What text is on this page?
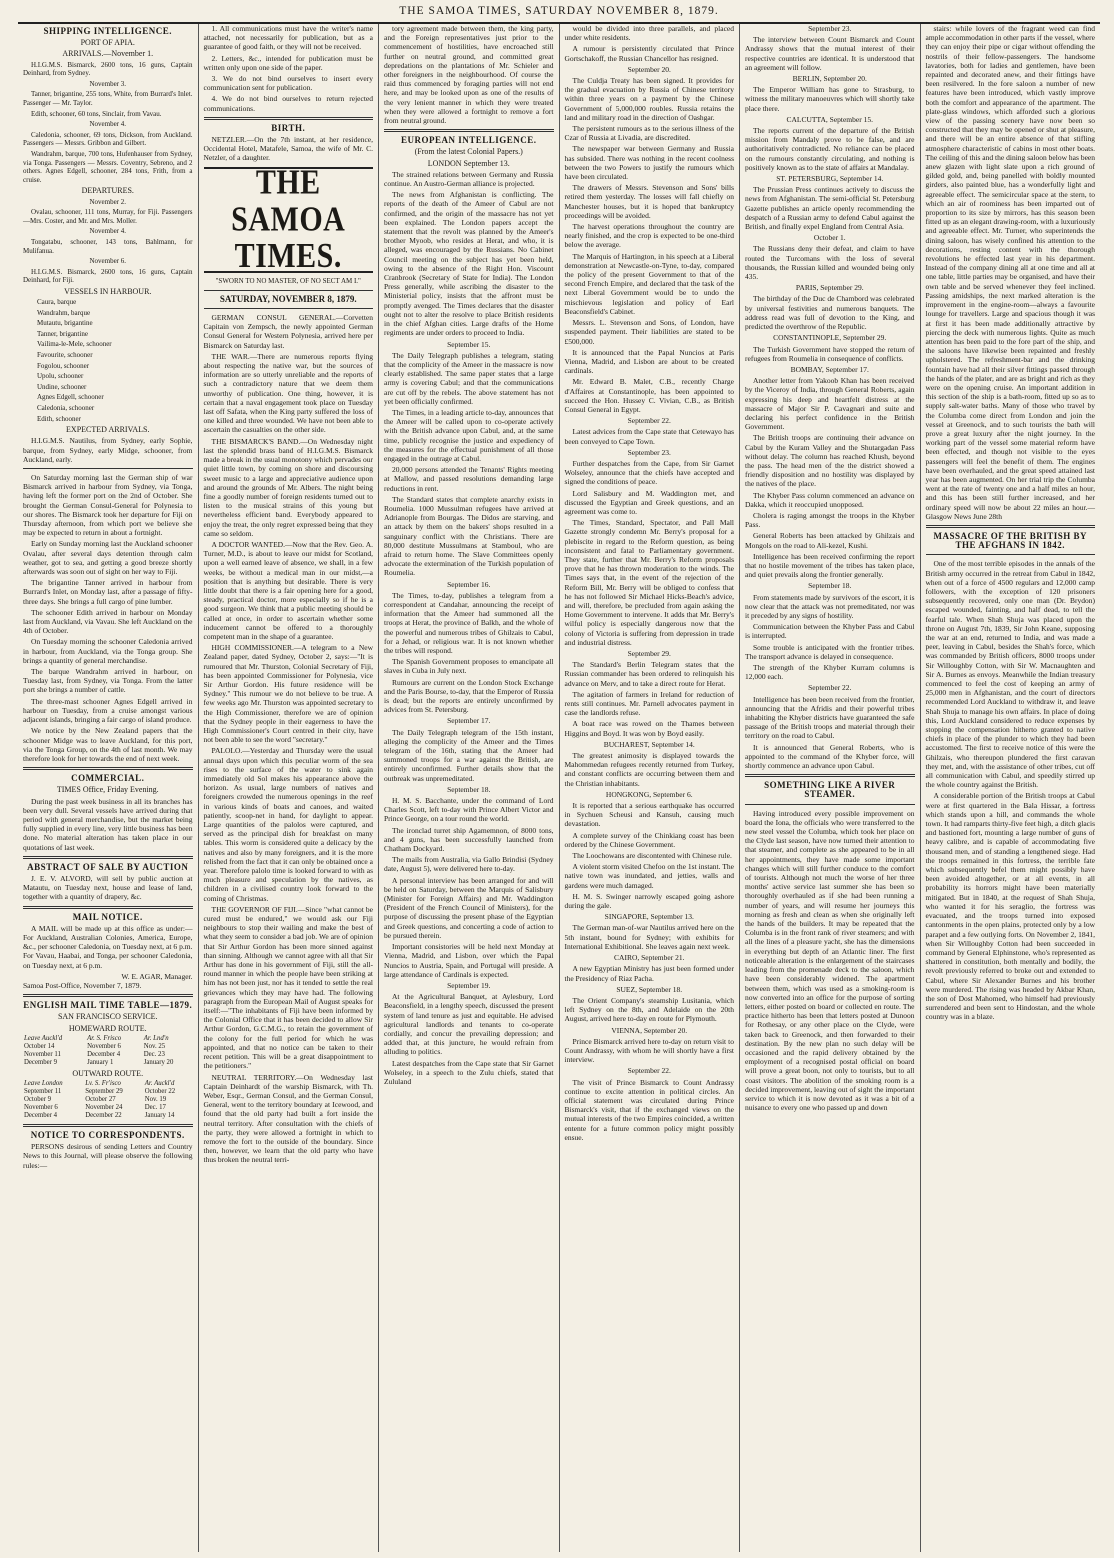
THE SAMOA TIMES, SATURDAY NOVEMBER 8, 1879.
SHIPPING INTELLIGENCE.
PORT OF APIA.
ARRIVALS.—November 1.

H.I.G.M.S. Bismarck, 2600 tons, 16 guns, Captain Deinhard, from Sydney.

November 3.

Tanner, brigantine, 255 tons, White, from Burrard's Inlet. Passenger — Mr. Taylor.

Edith, schooner, 60 tons, Sinclair, from Vavau.

November 4.

Caledonia, schooner, 69 tons, Dickson, from Auckland. Passengers — Messrs. Gribbon and Gilbert.

Wandrahm, barque, 700 tons, Hufenhauser from Sydney, via Tonga. Passengers — Messrs. Coventry, Sebreno, and 2 others. Agnes Edgell, schooner, 284 tons, Frith, from a cruise.

DEPARTURES.

November 2.

Ovalau, schooner, 111 tons, Murray, for Fiji. Passengers—Mrs. Coster, and Mr. and Mrs. Moller.

November 4.

Tongatabu, schooner, 143 tons, Bahlmann, for Mulifanua.

November 6.

H.I.G.M.S. Bismarck, 2600 tons, 16 guns, Captain Deinhard, for Fiji.

VESSELS IN HARBOUR.

Caura, barque

Wandrahm, barque

Mutautu, brigantine

Tanner, brigantine

Vailima-le-Mele, schooner

Favourite, schooner

Fogolou, schooner

Upolu, schooner

Undine, schooner

Agnes Edgell, schooner

Caledonia, schooner

Edith, schooner

EXPECTED ARRIVALS.

H.I.G.M.S. Nautilus, from Sydney, early Sophie, barque, from Sydney, early Midge, schooner, from Auckland, early.

On Saturday morning last the German ship of war Bismarck arrived in harbour from Sydney, via Tonga, having left the former port on the 2nd of October. She brought the German Consul-General for Polynesia to our shores. The Bismarck took her departure for Fiji on Thursday afternoon, from which port we believe she may be expected to return in about a fortnight.

Early on Sunday morning last the Auckland schooner Ovalau, after several days detention through calm weather, got to sea, and getting a good breeze shortly afterwards was soon out of sight on her way to Fiji.

The brigantine Tanner arrived in harbour from Burrard's Inlet, on Monday last, after a passage of fifty-three days. She brings a full cargo of pine lumber.

The schooner Edith arrived in harbour on Monday last from Auckland, via Vavau. She left Auckland on the 4th of October.

On Tuesday morning the schooner Caledonia arrived in harbour, from Auckland, via the Tonga group. She brings a quantity of general merchandise.

The barque Wandrahm arrived in harbour, on Tuesday last, from Sydney, via Tonga. From the latter port she brings a number of cattle.

The three-mast schooner Agnes Edgell arrived in harbour on Tuesday, from a cruise amongst various adjacent islands, bringing a fair cargo of island produce.

We notice by the New Zealand papers that the schooner Midge was to leave Auckland, for this port, via the Tonga Group, on the 4th of last month. We may therefore look for her towards the end of next week.

COMMERCIAL.
TIMES Office, Friday Evening.

During the past week business in all its branches has been very dull. Several vessels have arrived during that period with general merchandise, but the market being fully supplied in every line, very little business has been done. No material alteration has taken place in our quotations of last week.

ABSTRACT OF SALE BY AUCTION

J. E. V. ALVORD, will sell by public auction at Matautu, on Tuesday next, house and lease of land, together with a quantity of drapery, &c.

MAIL NOTICE.

A MAIL will be made up at this office as under:—For Auckland, Australian Colonies, America, Europe, &c., per schooner Caledonia, on Tuesday next, at 6 p.m. For Vavau, Haabai, and Tonga, per schooner Caledonia, on Tuesday next, at 6 p.m.

W. E. AGAR, Manager.
Samoa Post-Office, November 7, 1879.
ENGLISH MAIL TIME TABLE—1879.
SAN FRANCISCO SERVICE.
HOMEWARD ROUTE.
Leave Auckl'd	Ar. S. Frisco	Ar. Lnd'n
October 14	November 6	Nov. 25
November 11	December 4	Dec. 23
December 9	January 1	January 20
OUTWARD ROUTE.
Leave London	Lv. S. Fr'isco	Ar. Auckl'd
September 11	September 29	October 22
October 9	October 27	Nov. 19
November 6	November 24	Dec. 17
December 4	December 22	January 14
NOTICE TO CORRESPONDENTS.

PERSONS desirous of sending Letters and Country News to this Journal, will please observe the following rules:—

1. All communications must have the writer's name attached, not necessarily for publication, but as a guarantee of good faith, or they will not be received.

2. Letters, &c., intended for publication must be written only upon one side of the paper.

3. We do not bind ourselves to insert every communication sent for publication.

4. We do not bind ourselves to return rejected communications.

BIRTH.

NETZLER.—On the 7th instant, at her residence, Occidental Hotel, Matafele, Samoa, the wife of Mr. C. Netzler, of a daughter.

THE SAMOA TIMES.
"SWORN TO NO MASTER, OF NO SECT AM I."
SATURDAY, NOVEMBER 8, 1879.

GERMAN CONSUL GENERAL.—Corvetten Capitain von Zempsch, the newly appointed German Consul General for Western Polynesia, arrived here per Bismarck on Saturday last.

THE WAR.—There are numerous reports flying about respecting the native war, but the sources of information are so utterly unreliable and the reports of such a contradictory nature that we deem them unworthy of publication. One thing, however, it is certain that a naval engagement took place on Tuesday last off Safata, when the King party suffered the loss of one killed and three wounded. We have not been able to ascertain the casualties on the other side.

THE BISMARCK'S BAND.—On Wednesday night last the splendid brass band of H.I.G.M.S. Bismarck made a break in the usual monotony which pervades our quiet little town, by coming on shore and discoursing sweet music to a large and appreciative audience upon and around the grounds of Mr. Albers. The night being fine a goodly number of foreign residents turned out to listen to the musical strains of this young but nevertheless efficient band. Everybody appeared to enjoy the treat, the only regret expressed being that they came so seldom.

A DOCTOR WANTED.—Now that the Rev. Geo. A. Turner, M.D., is about to leave our midst for Scotland, upon a well earned leave of absence, we shall, in a few weeks, be without a medical man in our midst,—a position that is anything but desirable. There is very little doubt that there is a fair opening here for a good, steady, practical doctor, more especially so if he is a good surgeon. We think that a public meeting should be called at once, in order to ascertain whether some inducement cannot be offered to a thoroughly competent man in the shape of a guarantee.

HIGH COMMISSIONER.—A telegram to a New Zealand paper, dated Sydney, October 2, says:—"It is rumoured that Mr. Thurston, Colonial Secretary of Fiji, has been appointed Commissioner for Polynesia, vice Sir Arthur Gordon. His future residence will be Sydney." This rumour we do not believe to be true. A few weeks ago Mr. Thurston was appointed secretary to the High Commissioner, therefore we are of opinion that the Sydney people in their eagerness to have the High Commissioner's Court centred in their city, have not been able to see the word "secretary."

PALOLO.—Yesterday and Thursday were the usual annual days upon which this peculiar worm of the sea rises to the surface of the water to sink again immediately old Sol makes his appearance above the horizon. As usual, large numbers of natives and foreigners crowded the numerous openings in the reef in various kinds of boats and canoes, and waited patiently, scoop-net in hand, for daylight to appear. Large quantities of the palolos were captured, and served as the principal dish for breakfast on many tables. This worm is considered quite a delicacy by the natives and also by many foreigners, and it is the more relished from the fact that it can only be obtained once a year. Therefore palolo time is looked forward to with as much pleasure and speculation by the natives, as children in a civilised country look forward to the coming of Christmas.

THE GOVERNOR OF FIJI.—Since "what cannot be cured must be endured," we would ask our Fiji neighbours to stop their wailing and make the best of what they seem to consider a bad job. We are of opinion that Sir Arthur Gordon has been more sinned against than sinning. Although we cannot agree with all that Sir Arthur has done in his government of Fiji, still the all-round manner in which the people have been striking at him has not been just, nor has it tended to settle the real grievances which they may have had. The following paragraph from the European Mail of August speaks for itself:—"The inhabitants of Fiji have been informed by the Colonial Office that it has been decided to allow Sir Arthur Gordon, G.C.M.G., to retain the government of the colony for the full period for which he was appointed, and that no notice can be taken to their recent petition. This will be a great disappointment to the petitioners."

NEUTRAL TERRITORY.—On Wednesday last Captain Deinhardt of the warship Bismarck, with Th. Weber, Esqr., German Consul, and the German Consul, General, went to the territory boundary at Icewood, and found that the old party had built a fort inside the neutral territory. After consultation with the chiefs of the party, they were allowed a fortnight in which to remove the fort to the outside of the boundary. Since then, however, we learn that the old party who have thus broken the neutral terri-

tory agreement made between them, the king party, and the Foreign representatives just prior to the commencement of hostilities, have encroached still further on neutral ground, and committed great depredations on the plantations of Mr. Schieler and other foreigners in the neighbourhood. Of course the raid thus commenced by foraging parties will not end here, and may be looked upon as one of the results of the very lenient manner in which they were treated when they were allowed a fortnight to remove a fort from neutral ground.

EUROPEAN INTELLIGENCE.
(From the latest Colonial Papers.)
LONDON September 13.

The strained relations between Germany and Russia continue. An Austro-German alliance is projected.

The news from Afghanistan is conflicting. The reports of the death of the Ameer of Cabul are not confirmed, and the origin of the massacre has not yet been explained. The London papers accept the statement that the revolt was planned by the Ameer's brother Myoob, who resides at Herat, and who, it is alleged, was encouraged by the Russians. No Cabinet Council meeting on the subject has yet been held, owing to the absence of the Right Hon. Viscount Cranbrook (Secretary of State for India). The London Press generally, while ascribing the disaster to the Ministerial policy, insists that the affront must be promptly avenged. The Times declares that the disaster ought not to alter the resolve to place British residents in the chief Afghan cities. Large drafts of the Home regiments are under orders to proceed to India.

September 15.

The Daily Telegraph publishes a telegram, stating that the complicity of the Ameer in the massacre is now clearly established. The same paper states that a large army is covering Cabul; and that the communications are cut off by the rebels. The above statement has not yet been officially confirmed.

The Times, in a leading article to-day, announces that the Ameer will be called upon to co-operate actively with the British advance upon Cabul, and, at the same time, publicly recognise the justice and expediency of the measures for the effectual punishment of all those engaged in the outrage at Cabul.

20,000 persons attended the Tenants' Rights meeting at Mallow, and passed resolutions demanding large reductions in rent.

The Standard states that complete anarchy exists in Roumelia. 1000 Mussulman refugees have arrived at Adrianople from Bourgas. The Didos are starving, and an attack by them on the bakers' shops resulted in a sanguinary conflict with the Christians. There are 80,000 destitute Mussulmans at Stamboul, who are afraid to return home. The Slave Committees openly advocate the extermination of the Turkish population of Roumelia.

September 16.

The Times, to-day, publishes a telegram from a correspondent at Candahar, announcing the receipt of information that the Ameer had summoned all the troops at Herat, the province of Balkh, and the whole of the powerful and numerous tribes of Ghilzais to Cabul, for a Jehad, or religious war. It is not known whether the tribes will respond.

The Spanish Government proposes to emancipate all slaves in Cuba in July next.

Rumours are current on the London Stock Exchange and the Paris Bourse, to-day, that the Emperor of Russia is dead; but the reports are entirely unconfirmed by advices from St. Petersburg.

September 17.

The Daily Telegraph telegram of the 15th instant, alleging the complicity of the Ameer and the Times telegram of the 16th, stating that the Ameer had summoned troops for a war against the British, are entirely unconfirmed. Further details show that the outbreak was unpremeditated.

September 18.

H. M. S. Bacchante, under the command of Lord Charles Scott, left to-day with Prince Albert Victor and Prince George, on a tour round the world.

The ironclad turret ship Agamemnon, of 8000 tons, and 4 guns, has been successfully launched from Chatham Dockyard.

The mails from Australia, via Gallo Brindisi (Sydney date, August 5), were delivered here to-day.

A personal interview has been arranged for and will be held on Saturday, between the Marquis of Salisbury (Minister for Foreign Affairs) and Mr. Waddington (President of the French Council of Ministers), for the purpose of discussing the present phase of the Egyptian and Greek questions, and concerting a code of action to be pursued therein.

Important consistories will be held next Monday at Vienna, Madrid, and Lisbon, over which the Papal Nuncios to Austria, Spain, and Portugal will preside. A large attendance of Cardinals is expected.

September 19.

At the Agricultural Banquet, at Aylesbury, Lord Beaconsfield, in a lengthy speech, discussed the present system of land tenure as just and equitable. He advised agricultural landlords and tenants to co-operate cordially, and concur the prevailing depression; and added that, at this juncture, he would refrain from alluding to politics.

Latest despatches from the Cape state that Sir Garnet Wolseley, in a speech to the Zulu chiefs, stated that Zululand

would be divided into three parallels, and placed under white residents.

A rumour is persistently circulated that Prince Gortschakoff, the Russian Chancellor has resigned.

September 20.

The Culdja Treaty has been signed. It provides for the gradual evacuation by Russia of Chinese territory within three years on a payment by the Chinese Government of 5,000,000 roubles. Russia retains the land and military road in the direction of Oashgar.

The persistent rumours as to the serious illness of the Czar of Russia at Livadia, are discredited.

The newspaper war between Germany and Russia has subsided. There was nothing in the recent coolness between the two Powers to justify the rumours which have been circulated.

The drawers of Messrs. Stevenson and Sons' bills retired them yesterday. The losses will fall chiefly on Manchester houses, but it is hoped that bankruptcy proceedings will be avoided.

The harvest operations throughout the country are nearly finished, and the crop is expected to be one-third below the average.

The Marquis of Hartington, in his speech at a Liberal demonstration at Newcastle-on-Tyne, to-day, compared the policy of the present Government to that of the second French Empire, and declared that the task of the next Liberal Government would be to undo the mischievous legislation and policy of Earl Beaconsfield's Cabinet.

Messrs. L. Stevenson and Sons, of London, have suspended payment. Their liabilities are stated to be £500,000.

It is announced that the Papal Nuncios at Paris Vienna, Madrid, and Lisbon are about to be created cardinals.

Mr. Edward B. Malet, C.B., recently Charge d'Affaires at Constantinople, has been appointed to succeed the Hon. Hussey C. Vivian, C.B., as British Consul General in Egypt.

September 22.

Latest advices from the Cape state that Cetewayo has been conveyed to Cape Town.

September 23.

Further despatches from the Cape, from Sir Garnet Wolseley, announce that the chiefs have accepted and signed the conditions of peace.

Lord Salisbury and M. Waddington met, and discussed the Egyptian and Greek questions, and an agreement was come to.

The Times, Standard, Spectator, and Pall Mall Gazette strongly condemn Mr. Berry's proposal for a plebiscite in regard to the Reform question, as being inconsistent and fatal to Parliamentary government. They state, further that Mr. Berry's Reform proposals prove that he has thrown moderation to the winds. The Times says that, in the event of the rejection of the Reform Bill, Mr. Berry will be obliged to confess that he has not followed Sir Michael Hicks-Beach's advice, and will, therefore, be precluded from again asking the Home Government to intervene. It adds that Mr. Berry's wilful policy is especially dangerous now that the colony of Victoria is suffering from depression in trade and industrial distress.

September 29.

The Standard's Berlin Telegram states that the Russian commander has been ordered to relinquish his advance on Merv, and to take a direct route for Herat.

The agitation of farmers in Ireland for reduction of rents still continues. Mr. Parnell advocates payment in case the landlords refuse.

A boat race was rowed on the Thames between Higgins and Boyd. It was won by Boyd easily.

BUCHAREST, September 14.

The greatest animosity is displayed towards the Mahommedan refugees recently returned from Turkey, and constant conflicts are occurring between them and the Christian inhabitants.

HONGKONG, September 6.

It is reported that a serious earthquake has occurred in Sychuen Scheusi and Kansuh, causing much devastation.

A complete survey of the Chinkiang coast has been ordered by the Chinese Government.

The Loochowans are discontented with Chinese rule.

A violent storm visited Chefoo on the 1st instant. The native town was inundated, and jetties, walls and gardens were much damaged.

H. M. S. Swinger narrowly escaped going ashore during the gale.

SINGAPORE, September 13.

The German man-of-war Nautilus arrived here on the 5th instant, bound for Sydney; with exhibits for International Exhibitional. She leaves again next week.

CAIRO, September 21.

A new Egyptian Ministry has just been formed under the Presidency of Riaz Pacha.

SUEZ, September 18.

The Orient Company's steamship Lusitania, which left Sydney on the 8th, and Adelaide on the 20th August, arrived here to-day en route for Plymouth.

VIENNA, September 20.

Prince Bismarck arrived here to-day on return visit to Count Andrassy, with whom he will shortly have a first interview.

September 22.

The visit of Prince Bismarck to Count Andrassy continue to excite attention in political circles. An official statement was circulated during Prince Bismarck's visit, that if the exchanged views on the mutual interests of the two Empires coincided, a written entente for a future common policy might possibly ensue.

September 23.

The interview between Count Bismarck and Count Andrassy shows that the mutual interest of their respective countries are identical. It is understood that an agreement will follow.

BERLIN, September 20.

The Emperor William has gone to Strasburg, to witness the military manoeuvres which will shortly take place there.

CALCUTTA, September 15.

The reports current of the departure of the British mission from Mandaly prove to be false, and are authoritatively contradicted. No reliance can be placed on the rumours constantly circulating, and nothing is positively known as to the state of affairs at Mandalay.

ST. PETERSBURG, September 14.

The Prussian Press continues actively to discuss the news from Afghanistan. The semi-official St. Petersburg Gazette publishes an article openly recommending the despatch of a Russian army to defend Cabul against the British, and finally expel England from Central Asia.

October 1.

The Russians deny their defeat, and claim to have routed the Turcomans with the loss of several thousands, the Russian killed and wounded being only 435.

PARIS, September 29.

The birthday of the Duc de Chambord was celebrated by universal festivities and numerous banquets. The address read was full of devotion to the King, and predicted the overthrow of the Republic.

CONSTANTINOPLE, September 29.

The Turkish Government have stopped the return of refugees from Roumelia in consequence of conflicts.

BOMBAY, September 17.

Another letter from Yakoob Khan has been received by the Viceroy of India, through General Roberts, again expressing his deep and heartfelt distress at the massacre of Major Sir P. Cavagnari and suite and declaring his perfect confidence in the British Government.

The British troops are continuing their advance on Cabul by the Kuram Valley and the Shutargadan Pass without delay. The column has reached Khush, beyond the pass. The head men of the the district showed a friendly disposition and no hostility was displayed by the natives of the place.

The Khyber Pass column commenced an advance on Dakka, which it reoccupied unopposed.

Cholera is raging amongst the troops in the Khyber Pass.

General Roberts has been attacked by Ghilzais and Mongols on the road to Ali-kezel, Kushi.

Intelligence has been received confirming the report that no hostile movement of the tribes has taken place, and quiet prevails along the frontier generally.

September 18.

From statements made by survivors of the escort, it is now clear that the attack was not premeditated, nor was it preceded by any signs of hostility.

Communication between the Khyber Pass and Cabul is interrupted.

Some trouble is anticipated with the frontier tribes. The transport advance is delayed in consequence.

The strength of the Khyber Kurram columns is 12,000 each.

September 22.

Intelligence has been been received from the frontier, announcing that the Afridis and their powerful tribes inhabiting the Khyber districts have guaranteed the safe passage of the British troops and material through their territory on the road to Cabul.

It is announced that General Roberts, who is appointed to the command of the Khyber force, will shortly commence an advance upon Cabul.

SOMETHING LIKE A RIVER STEAMER.

Having introduced every possible improvement on board the Iona, the officials who were transferred to the new steel vessel the Columba, which took her place on the Clyde last season, have now turned their attention to that steamer, and complete as she appeared to be in all her appointments, they have made some important changes which will still further conduce to the comfort of tourists. Although not much the worse of her three months' active service last summer she has been so thoroughly overhauled as if she had been running a number of years, and will resume her journeys this morning as fresh and clean as when she originally left the hands of the builders. It may be repeated that the Columba is in the front rank of river steamers; and with all the lines of a pleasure yacht, she has the dimensions in everything but depth of an Atlantic liner. The first noticeable alteration is the enlargement of the staircases leading from the promenade deck to the saloon, which have been considerably widened. The apartment between them, which was used as a smoking-room is now converted into an office for the purpose of sorting letters, either posted on board or collected en route. The practice hitherto has been that letters posted at Dunoon for Rothesay, or any other place on the Clyde, were taken back to Greenock, and then forwarded to their destination. By the new plan no such delay will be occasioned and the rapid delivery obtained by the employment of a recognised postal official on board will prove a great boon, not only to tourists, but to all coast visitors. The abolition of the smoking room is a decided improvement, leaving out of sight the important service to which it is now devoted as it was a bit of a nuisance to every one who passed up and down

stairs: while lovers of the fragrant weed can find ample accommodation in other parts if the vessel, where they can enjoy their pipe or cigar without offending the nostrils of their fellow-passengers. The handsome lavatories, both for ladies and gentlemen, have been repainted and decorated anew, and their fittings have been resilvered. In the fore saloon a number of new features have been introduced, which vastly improve both the comfort and appearance of the apartment. The plate-glass windows, which afforded such a glorious view of the passing scenery have now been so constructed that they may be opened or shut at pleasure, and there will be an entire absence of that stifling atmosphere characteristic of cabins in most other boats. The ceiling of this and the dining saloon below has been anew glazen with light slate upon a rich ground of gilded gold, and, being panelled with boldly mounted girders, also painted blue, has a wonderfully light and agreeable effect. The semicircular space at the stern, to which an air of roominess has been imparted out of proportion to its size by mirrors, has this season been fitted up as an elegant drawing-room, with a luxuriously and agreeable effect. Mr. Turner, who superintends the dining saloon, has wisely confined his attention to the decorations, resting content with the thorough revolutions he effected last year in his department. Instead of the company dining all at one time and all at one table, little parties may be organised, and have their own table and be served whenever they feel inclined. Passing amidships, the next marked alteration is the improvement in the engine-room—always a favourite lounge for travellers. Large and spacious though it was at first it has been made additionally attractive by piercing the deck with numerous lights. Quite as much attention has been paid to the fore part of the ship, and the saloons have likewise been repainted and freshly upholstered. The refreshment-bar and the drinking fountain have had all their silver fittings passed through the hands of the plater, and are as bright and rich as they were on the opening cruise. An important addition in this section of the ship is a bath-room, fitted up so as to supply salt-water baths. Many of those who travel by the Columba come direct from London and join the vessel at Greenock, and to such tourists the bath will prove a great luxury after the night journey. In the working part of the vessel some material reform have been effected, and though not visible to the eyes passengers will feel the benefit of them. The engines have been overhauled, and the great speed attained last year has been augmented. On her trial trip the Columba went at the rate of twenty one and a half miles an hour, and this has been still further increased, and her ordinary speed will now be about 22 miles an hour.—Glasgow News June 28th

MASSACRE OF THE BRITISH BY THE AFGHANS IN 1842.

One of the most terrible episodes in the annals of the British army occurred in the retreat from Cabul in 1842, when out of a force of 4500 regulars and 12,000 camp followers, with the exception of 120 prisoners subsequently recovered, only one man (Dr. Brydon) escaped wounded, fainting, and half dead, to tell the fearful tale. When Shah Shuja was placed upon the throne on August 7th, 1839, Sir John Keane, supposing the war at an end, returned to India, and was made a peer, leaving in Cabul, besides the Shah's force, which was commanded by British officers, 8000 troops under Sir Willoughby Cotton, with Sir W. Macnaughten and Sir A. Burnes as envoys. Meanwhile the Indian treasury commenced to feel the cost of keeping an army of 25,000 men in Afghanistan, and the court of directors recommended Lord Auckland to withdraw it, and leave Shah Shuja to manage his own affairs. In place of doing this, Lord Auckland considered to reduce expenses by stopping the compensation hitherto granted to native chiefs in place of the plunder to which they had been accustomed. The first to receive notice of this were the Ghilzais, who thereupon plundered the first caravan they met, and, with the assistance of other tribes, cut off all communication with Cabul, and speedily stirred up the whole country against the British.

A considerable portion of the British troops at Cabul were at first quartered in the Bala Hissar, a fortress which stands upon a hill, and commands the whole town. It had ramparts thirty-five feet high, a ditch glacis and bastioned fort, mounting a large number of guns of heavy calibre, and is capable of accommodating five thousand men, and of standing a lengthened siege. Had the troops remained in this fortress, the terrible fate which subsequently befel them might possibly have been avoided altogether, or at all events, in all probability its horrors might have been materially mitigated. But in 1840, at the request of Shah Shuja, who wanted it for his seraglio, the fortress was evacuated, and the troops turned into exposed cantonments in the open plains, protected only by a low parapet and a few outlying forts. On November 2, 1841, when Sir Willoughby Cotton had been succeeded in command by General Elphinstone, who's represented as shattered in constitution, both mentally and bodily, the revolt previously referred to broke out and extended to Cabul, where Sir Alexander Burnes and his brother were murdered. The rising was headed by Akbar Khan, the son of Dost Mahomed, who himself had previously surrendered and been sent to Hindostan, and the whole country was in a blaze.
